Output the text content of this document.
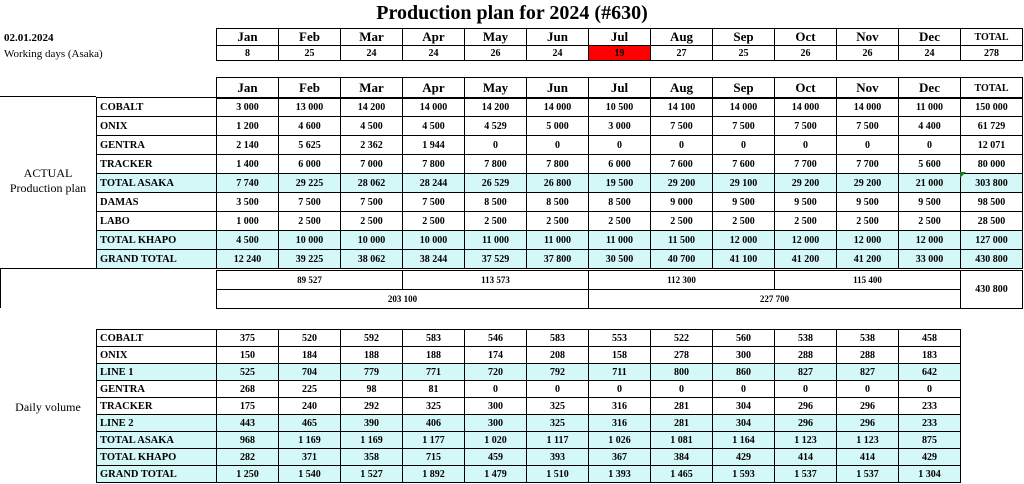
Production plan for 2024 (#630)
02.01.2024
Working days (Asaka)
Jan	Feb	Mar	Apr	May	Jun	Jul	Aug	Sep	Oct	Nov	Dec	TOTAL
8	25	24	24	26	24	19	27	25	26	26	24	278
Jan	Feb	Mar	Apr	May	Jun	Jul	Aug	Sep	Oct	Nov	Dec	TOTAL
ACTUAL
Production plan
COBALT	3 000	13 000	14 200	14 000	14 200	14 000	10 500	14 100	14 000	14 000	14 000	11 000	150 000
ONIX	1 200	4 600	4 500	4 500	4 529	5 000	3 000	7 500	7 500	7 500	7 500	4 400	61 729
GENTRA	2 140	5 625	2 362	1 944	0	0	0	0	0	0	0	0	12 071
TRACKER	1 400	6 000	7 000	7 800	7 800	7 800	6 000	7 600	7 600	7 700	7 700	5 600	80 000
TOTAL ASAKA	7 740	29 225	28 062	28 244	26 529	26 800	19 500	29 200	29 100	29 200	29 200	21 000	303 800
DAMAS	3 500	7 500	7 500	7 500	8 500	8 500	8 500	9 000	9 500	9 500	9 500	9 500	98 500
LABO	1 000	2 500	2 500	2 500	2 500	2 500	2 500	2 500	2 500	2 500	2 500	2 500	28 500
TOTAL KHAPO	4 500	10 000	10 000	10 000	11 000	11 000	11 000	11 500	12 000	12 000	12 000	12 000	127 000
GRAND TOTAL	12 240	39 225	38 062	38 244	37 529	37 800	30 500	40 700	41 100	41 200	41 200	33 000	430 800
89 527	113 573	112 300	115 400	430 800
203 100		227 700		
Daily volume
COBALT	375	520	592	583	546	583	553	522	560	538	538	458
ONIX	150	184	188	188	174	208	158	278	300	288	288	183
LINE 1	525	704	779	771	720	792	711	800	860	827	827	642
GENTRA	268	225	98	81	0	0	0	0	0	0	0	0
TRACKER	175	240	292	325	300	325	316	281	304	296	296	233
LINE 2	443	465	390	406	300	325	316	281	304	296	296	233
TOTAL ASAKA	968	1 169	1 169	1 177	1 020	1 117	1 026	1 081	1 164	1 123	1 123	875
TOTAL KHAPO	282	371	358	715	459	393	367	384	429	414	414	429
GRAND TOTAL	1 250	1 540	1 527	1 892	1 479	1 510	1 393	1 465	1 593	1 537	1 537	1 304
